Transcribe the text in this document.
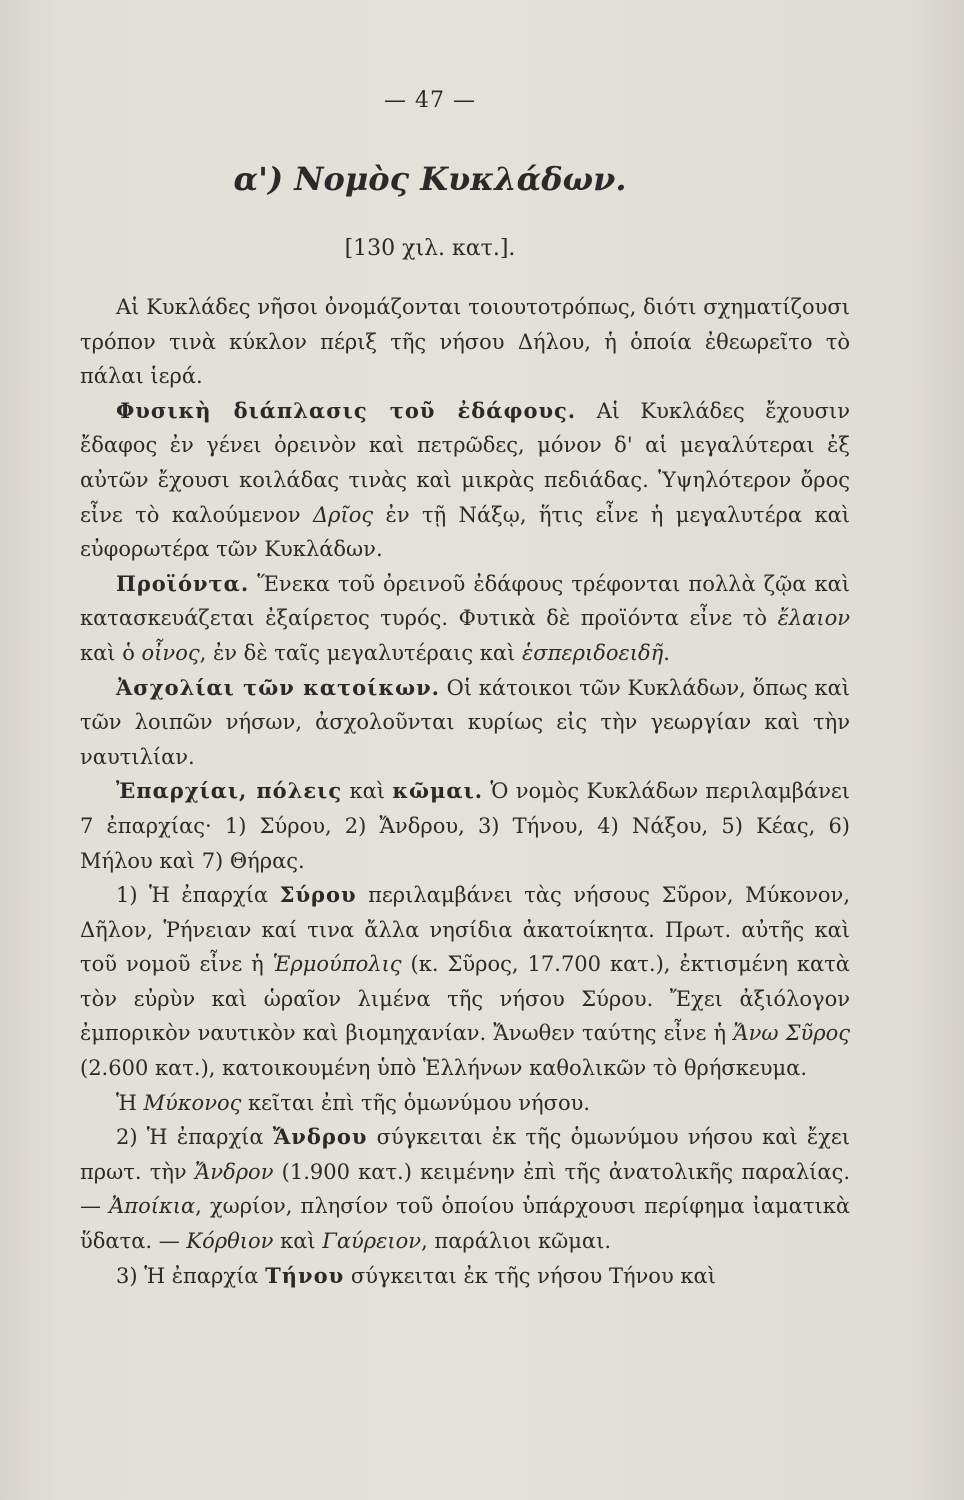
— 47 —
α') Νομὸς Κυκλάδων.
[130 χιλ. κατ.].

Αἱ Κυκλάδες νῆσοι ὀνομάζονται τοιουτοτρόπως, διότι σχηματίζουσι τρόπον τινὰ κύκλον πέριξ τῆς νήσου Δήλου, ἡ ὁποία ἐθεωρεῖτο τὸ πάλαι ἱερά.

Φυσικὴ διάπλασις τοῦ ἐδάφους. Αἱ Κυκλάδες ἔχουσιν ἔδαφος ἐν γένει ὀρεινὸν καὶ πετρῶδες, μόνον δ' αἱ μεγαλύτεραι ἐξ αὐτῶν ἔχουσι κοιλάδας τινὰς καὶ μικρὰς πεδιάδας. Ὑψηλότερον ὄρος εἶνε τὸ καλούμενον Δρῖος ἐν τῇ Νάξῳ, ἥτις εἶνε ἡ μεγαλυτέρα καὶ εὐφορωτέρα τῶν Κυκλάδων.

Προϊόντα. Ἕνεκα τοῦ ὀρεινοῦ ἐδάφους τρέφονται πολλὰ ζῷα καὶ κατασκευάζεται ἐξαίρετος τυρός. Φυτικὰ δὲ προϊόντα εἶνε τὸ ἔλαιον καὶ ὁ οἶνος, ἐν δὲ ταῖς μεγαλυτέραις καὶ ἑσπεριδοειδῆ.

Ἀσχολίαι τῶν κατοίκων. Οἱ κάτοικοι τῶν Κυκλάδων, ὅπως καὶ τῶν λοιπῶν νήσων, ἀσχολοῦνται κυρίως εἰς τὴν γεωργίαν καὶ τὴν ναυτιλίαν.

Ἐπαρχίαι, πόλεις καὶ κῶμαι. Ὁ νομὸς Κυκλάδων περιλαμβάνει 7 ἐπαρχίας· 1) Σύρου, 2) Ἄνδρου, 3) Τήνου, 4) Νάξου, 5) Κέας, 6) Μήλου καὶ 7) Θήρας.

1) Ἡ ἐπαρχία Σύρου περιλαμβάνει τὰς νήσους Σῦρον, Μύκονον, Δῆλον, Ῥήνειαν καί τινα ἄλλα νησίδια ἀκατοίκητα. Πρωτ. αὐτῆς καὶ τοῦ νομοῦ εἶνε ἡ Ἑρμούπολις (κ. Σῦρος, 17.700 κατ.), ἐκτισμένη κατὰ τὸν εὐρὺν καὶ ὡραῖον λιμένα τῆς νήσου Σύρου. Ἔχει ἀξιόλογον ἐμπορικὸν ναυτικὸν καὶ βιομηχανίαν. Ἄνωθεν ταύτης εἶνε ἡ Ἄνω Σῦρος (2.600 κατ.), κατοικουμένη ὑπὸ Ἑλλήνων καθολικῶν τὸ θρήσκευμα.

Ἡ Μύκονος κεῖται ἐπὶ τῆς ὁμωνύμου νήσου.

2) Ἡ ἐπαρχία Ἄνδρου σύγκειται ἐκ τῆς ὁμωνύμου νήσου καὶ ἔχει πρωτ. τὴν Ἄνδρον (1.900 κατ.) κειμένην ἐπὶ τῆς ἀνατολικῆς παραλίας. — Ἀποίκια, χωρίον, πλησίον τοῦ ὁποίου ὑπάρχουσι περίφημα ἰαματικὰ ὕδατα. — Κόρθιον καὶ Γαύρειον, παράλιοι κῶμαι.

3) Ἡ ἐπαρχία Τήνου σύγκειται ἐκ τῆς νήσου Τήνου καὶ
